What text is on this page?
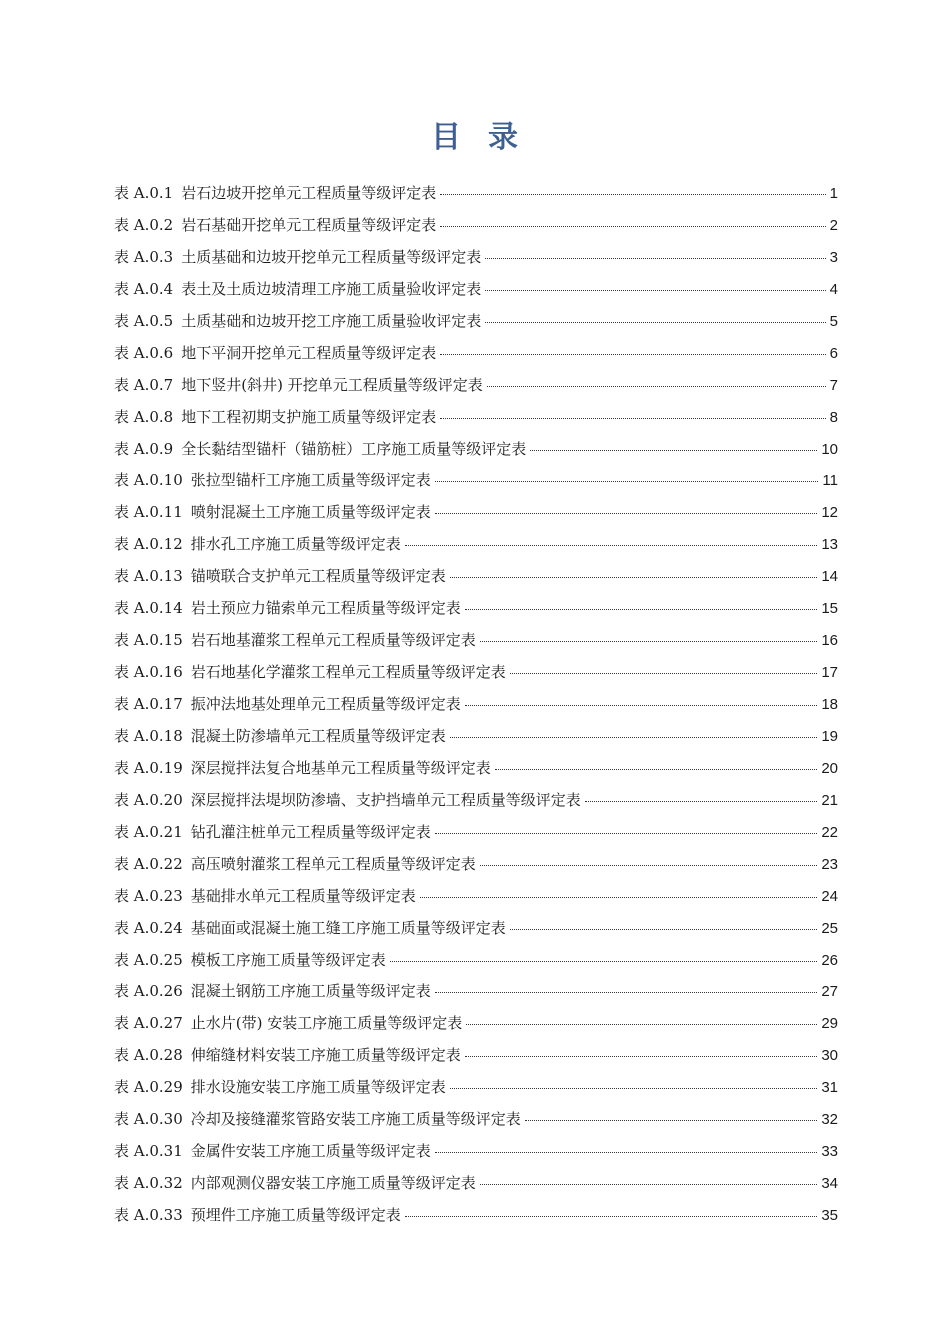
目 录
表 A.0.1 岩石边坡开挖单元工程质量等级评定表	1
表 A.0.2 岩石基础开挖单元工程质量等级评定表	2
表 A.0.3 土质基础和边坡开挖单元工程质量等级评定表	3
表 A.0.4 表土及土质边坡清理工序施工质量验收评定表	4
表 A.0.5 土质基础和边坡开挖工序施工质量验收评定表	5
表 A.0.6 地下平洞开挖单元工程质量等级评定表	6
表 A.0.7 地下竖井(斜井) 开挖单元工程质量等级评定表	7
表 A.0.8 地下工程初期支护施工质量等级评定表	8
表 A.0.9 全长黏结型锚杆（锚筋桩）工序施工质量等级评定表	10
表 A.0.10 张拉型锚杆工序施工质量等级评定表	11
表 A.0.11 喷射混凝土工序施工质量等级评定表	12
表 A.0.12 排水孔工序施工质量等级评定表	13
表 A.0.13 锚喷联合支护单元工程质量等级评定表	14
表 A.0.14 岩土预应力锚索单元工程质量等级评定表	15
表 A.0.15 岩石地基灌浆工程单元工程质量等级评定表	16
表 A.0.16 岩石地基化学灌浆工程单元工程质量等级评定表	17
表 A.0.17 振冲法地基处理单元工程质量等级评定表	18
表 A.0.18 混凝土防渗墙单元工程质量等级评定表	19
表 A.0.19 深层搅拌法复合地基单元工程质量等级评定表	20
表 A.0.20 深层搅拌法堤坝防渗墙、支护挡墙单元工程质量等级评定表	21
表 A.0.21 钻孔灌注桩单元工程质量等级评定表	22
表 A.0.22 高压喷射灌浆工程单元工程质量等级评定表	23
表 A.0.23 基础排水单元工程质量等级评定表	24
表 A.0.24 基础面或混凝土施工缝工序施工质量等级评定表	25
表 A.0.25 模板工序施工质量等级评定表	26
表 A.0.26 混凝土钢筋工序施工质量等级评定表	27
表 A.0.27 止水片(带) 安装工序施工质量等级评定表	29
表 A.0.28 伸缩缝材料安装工序施工质量等级评定表	30
表 A.0.29 排水设施安装工序施工质量等级评定表	31
表 A.0.30 冷却及接缝灌浆管路安装工序施工质量等级评定表	32
表 A.0.31 金属件安装工序施工质量等级评定表	33
表 A.0.32 内部观测仪器安装工序施工质量等级评定表	34
表 A.0.33 预埋件工序施工质量等级评定表	35
